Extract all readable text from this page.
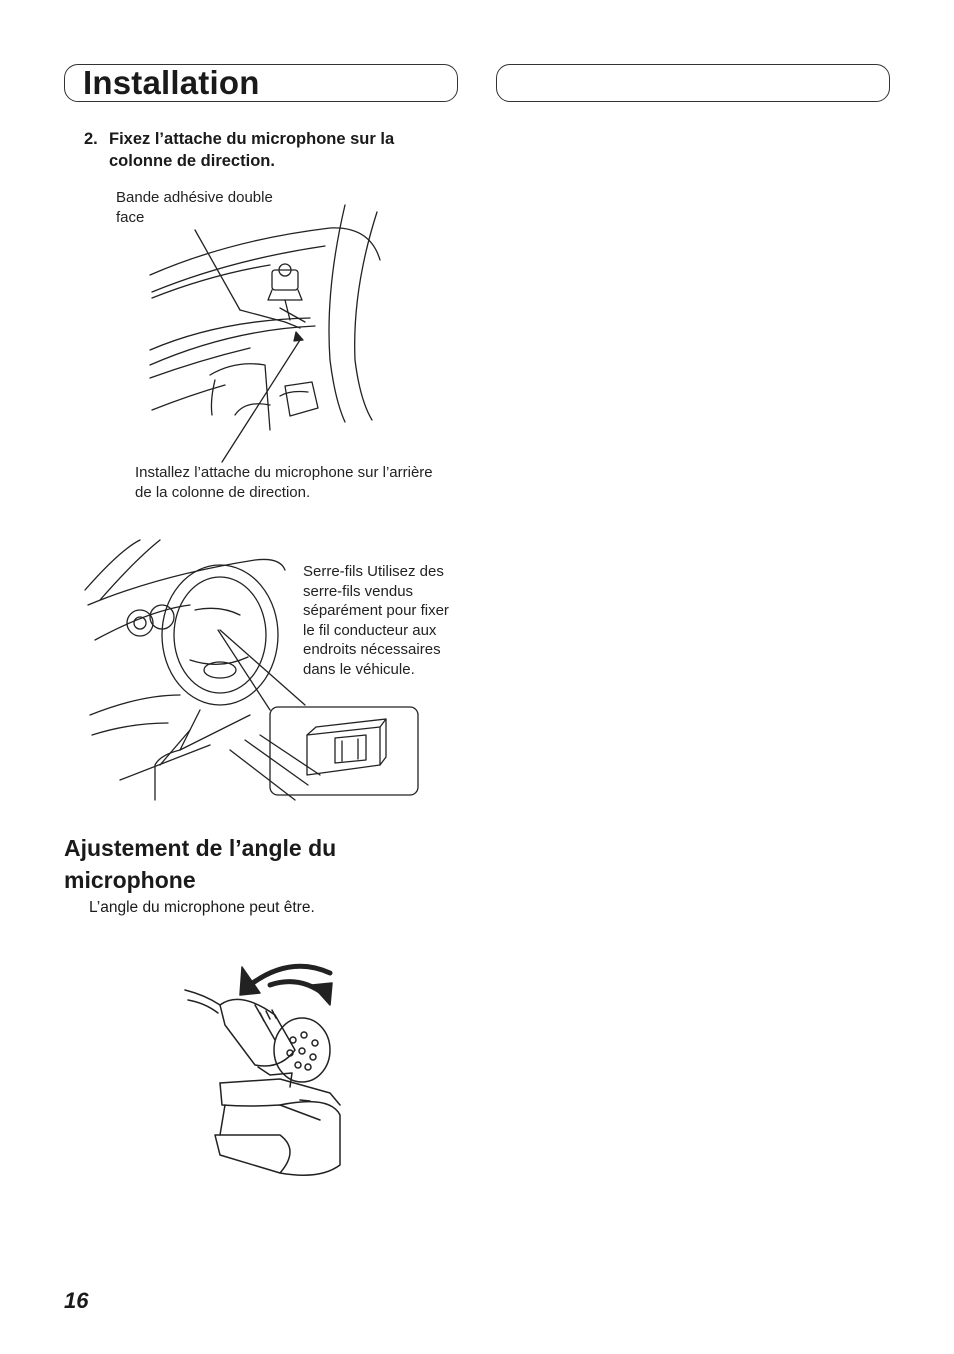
Installation
2. Fixez l’attache du microphone sur la colonne de direction.
Bande adhésive double face
Installez l’attache du microphone sur l’arrière de la colonne de direction.
Serre-fils Utilisez des serre-fils vendus séparément pour fixer le fil conducteur aux endroits nécessaires dans le véhicule.
Ajustement de l’angle du microphone
L’angle du microphone peut être.
16
